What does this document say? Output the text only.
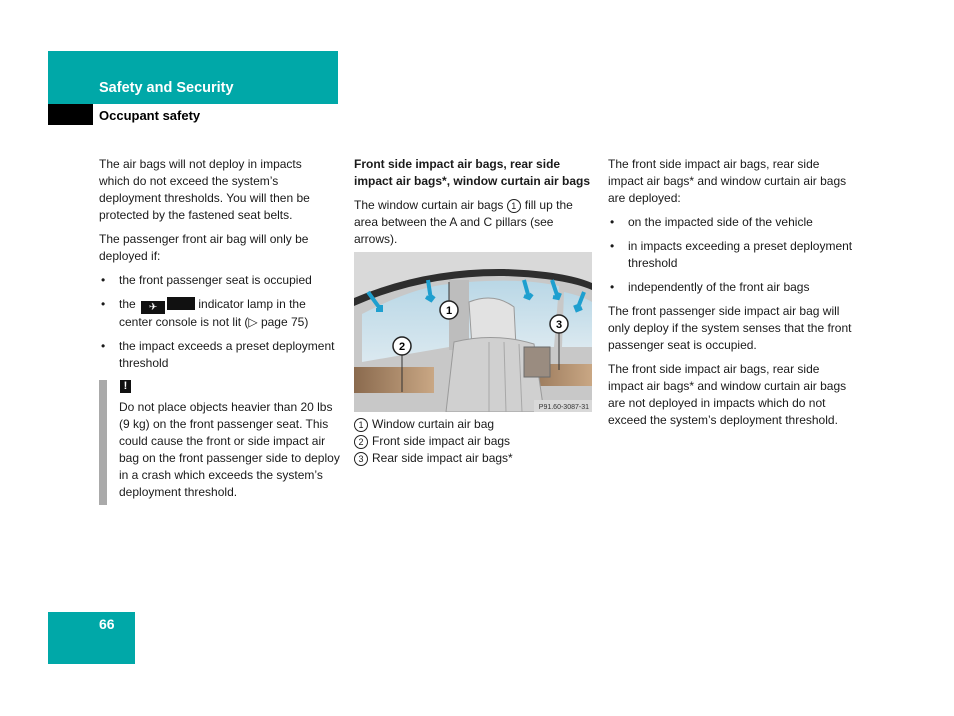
Safety and Security
Occupant safety

The air bags will not deploy in impacts which do not exceed the system’s deployment thresholds. You will then be protected by the fastened seat belts.

The passenger front air bag will only be deployed if:

• the front passenger seat is occupied
• the ✈	indicator lamp in the center console is not lit (▷ page 75)
• the impact exceeds a preset deployment threshold
!
Do not place objects heavier than 20 lbs (9 kg) on the front passenger seat. This could cause the front or side impact air bag on the front passenger side to deploy in a crash which exceeds the system’s deployment threshold.

Front side impact air bags, rear side impact air bags*, window curtain air bags

The window curtain air bags 1 fill up the area between the A and C pillars (see arrows).

1
2
3
P91.60-3087-31
1 Window curtain air bag
2 Front side impact air bags
3 Rear side impact air bags*

The front side impact air bags, rear side impact air bags* and window curtain air bags are deployed:

• on the impacted side of the vehicle
• in impacts exceeding a preset deployment threshold
• independently of the front air bags

The front passenger side impact air bag will only deploy if the system senses that the front passenger seat is occupied.

The front side impact air bags, rear side impact air bags* and window curtain air bags are not deployed in impacts which do not exceed the system’s deployment threshold.

66
